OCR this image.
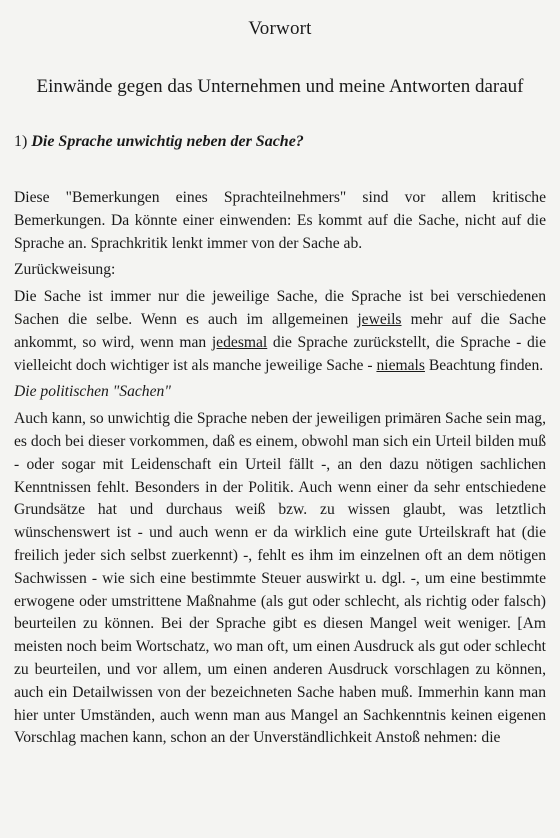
Vorwort
Einwände gegen das Unternehmen und meine Antworten darauf
1) Die Sprache unwichtig neben der Sache?

Diese "Bemerkungen eines Sprachteilnehmers" sind vor allem kritische Bemerkungen. Da könnte einer einwenden: Es kommt auf die Sache, nicht auf die Sprache an. Sprachkritik lenkt immer von der Sache ab.

Zurückweisung:

Die Sache ist immer nur die jeweilige Sache, die Sprache ist bei verschiedenen Sachen die selbe. Wenn es auch im allgemeinen jeweils mehr auf die Sache ankommt, so wird, wenn man jedesmal die Sprache zurückstellt, die Sprache - die vielleicht doch wichtiger ist als manche jeweilige Sache - niemals Beachtung finden.

Die politischen "Sachen"

Auch kann, so unwichtig die Sprache neben der jeweiligen primären Sache sein mag, es doch bei dieser vorkommen, daß es einem, obwohl man sich ein Urteil bilden muß - oder sogar mit Leidenschaft ein Urteil fällt -, an den dazu nötigen sachlichen Kenntnissen fehlt. Besonders in der Politik. Auch wenn einer da sehr entschiedene Grundsätze hat und durchaus weiß bzw. zu wissen glaubt, was letztlich wünschenswert ist - und auch wenn er da wirklich eine gute Urteilskraft hat (die freilich jeder sich selbst zuerkennt) -, fehlt es ihm im einzelnen oft an dem nötigen Sachwissen - wie sich eine bestimmte Steuer auswirkt u. dgl. -, um eine bestimmte erwogene oder umstrittene Maßnahme (als gut oder schlecht, als richtig oder falsch) beurteilen zu können. Bei der Sprache gibt es diesen Mangel weit weniger. [Am meisten noch beim Wortschatz, wo man oft, um einen Ausdruck als gut oder schlecht zu beurteilen, und vor allem, um einen anderen Ausdruck vorschlagen zu können, auch ein Detailwissen von der bezeichneten Sache haben muß. Immerhin kann man hier unter Umständen, auch wenn man aus Mangel an Sachkenntnis keinen eigenen Vorschlag machen kann, schon an der Unverständlichkeit Anstoß nehmen: die
